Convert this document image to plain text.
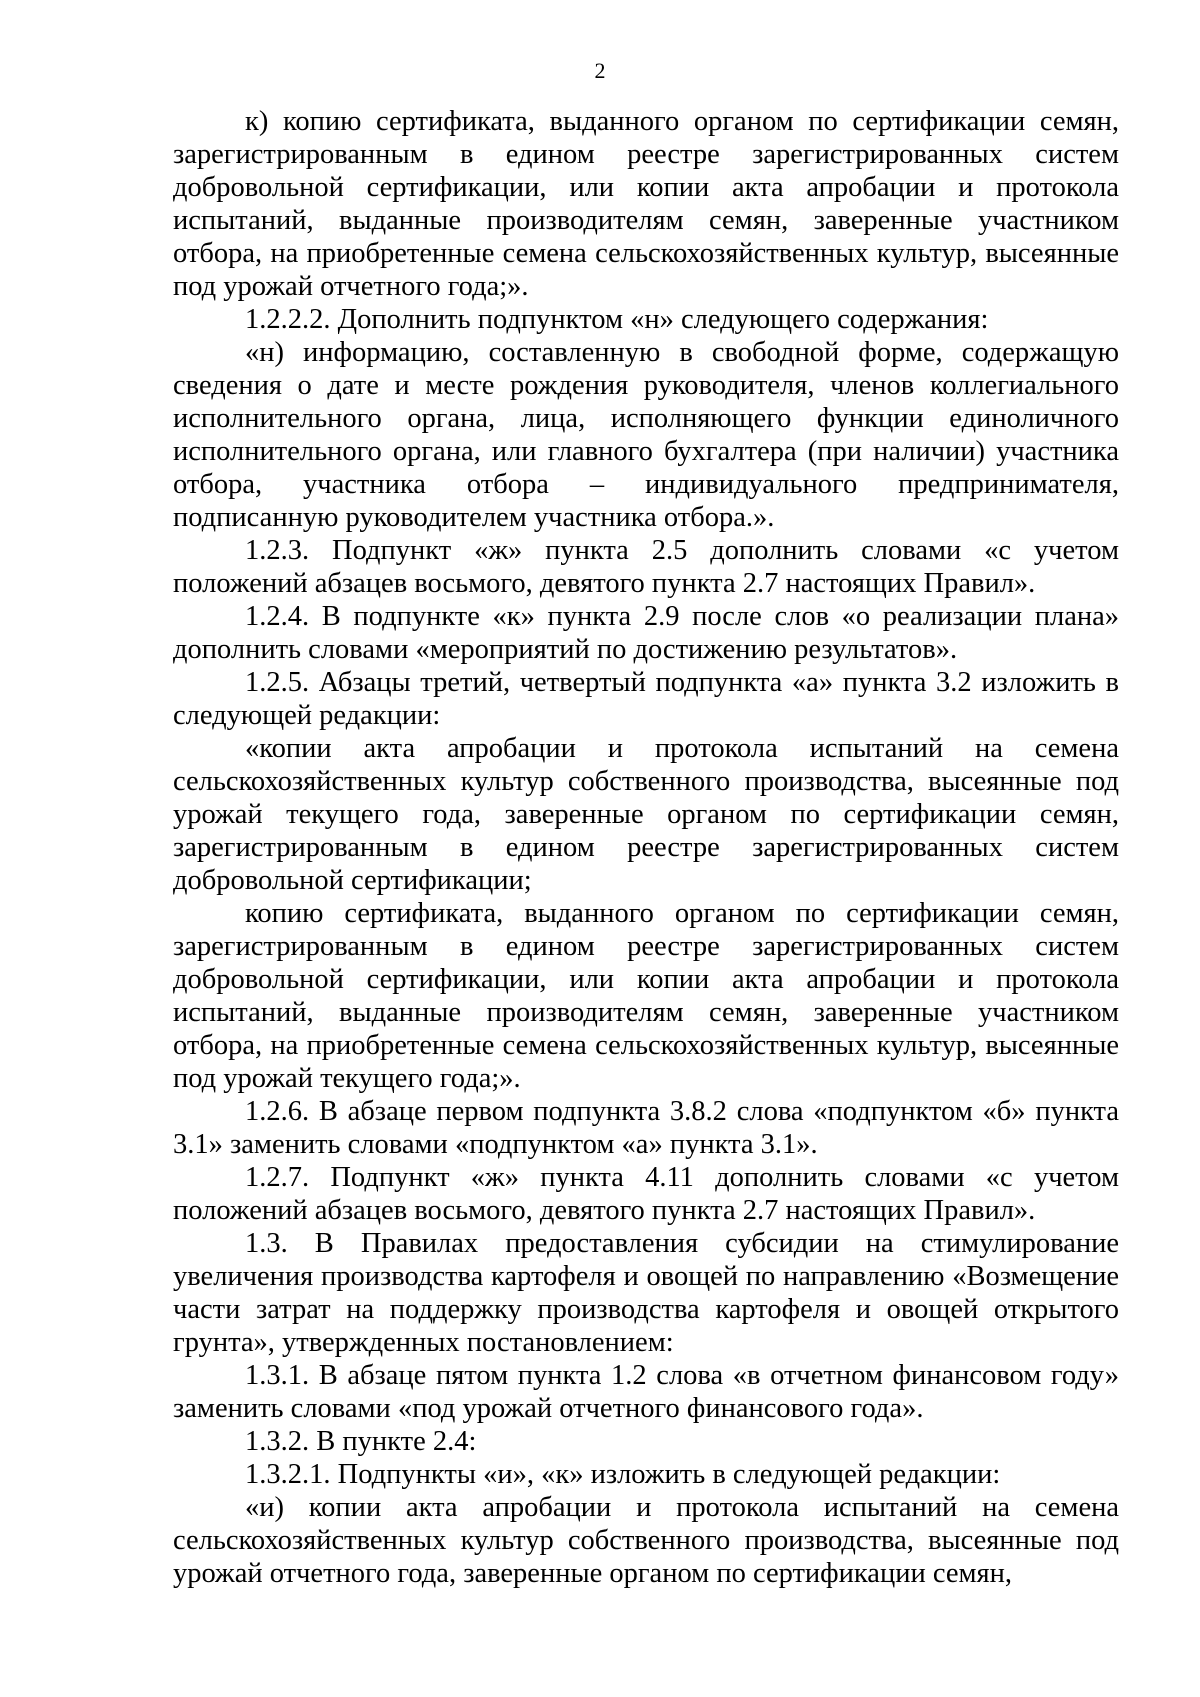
2

к) копию сертификата, выданного органом по сертификации семян, зарегистрированным в едином реестре зарегистрированных систем добровольной сертификации, или копии акта апробации и протокола испытаний, выданные производителям семян, заверенные участником отбора, на приобретенные семена сельскохозяйственных культур, высеянные под урожай отчетного года;».

1.2.2.2. Дополнить подпунктом «н» следующего содержания:

«н) информацию, составленную в свободной форме, содержащую сведения о дате и месте рождения руководителя, членов коллегиального исполнительного органа, лица, исполняющего функции единоличного исполнительного органа, или главного бухгалтера (при наличии) участника отбора, участника отбора – индивидуального предпринимателя, подписанную руководителем участника отбора.».

1.2.3. Подпункт «ж» пункта 2.5 дополнить словами «с учетом положений абзацев восьмого, девятого пункта 2.7 настоящих Правил».

1.2.4. В подпункте «к» пункта 2.9 после слов «о реализации плана» дополнить словами «мероприятий по достижению результатов».

1.2.5. Абзацы третий, четвертый подпункта «а» пункта 3.2 изложить в следующей редакции:

«копии акта апробации и протокола испытаний на семена сельскохозяйственных культур собственного производства, высеянные под урожай текущего года, заверенные органом по сертификации семян, зарегистрированным в едином реестре зарегистрированных систем добровольной сертификации;

копию сертификата, выданного органом по сертификации семян, зарегистрированным в едином реестре зарегистрированных систем добровольной сертификации, или копии акта апробации и протокола испытаний, выданные производителям семян, заверенные участником отбора, на приобретенные семена сельскохозяйственных культур, высеянные под урожай текущего года;».

1.2.6. В абзаце первом подпункта 3.8.2 слова «подпунктом «б» пункта 3.1» заменить словами «подпунктом «а» пункта 3.1».

1.2.7. Подпункт «ж» пункта 4.11 дополнить словами «с учетом положений абзацев восьмого, девятого пункта 2.7 настоящих Правил».

1.3. В Правилах предоставления субсидии на стимулирование увеличения производства картофеля и овощей по направлению «Возмещение части затрат на поддержку производства картофеля и овощей открытого грунта», утвержденных постановлением:

1.3.1. В абзаце пятом пункта 1.2 слова «в отчетном финансовом году» заменить словами «под урожай отчетного финансового года».

1.3.2. В пункте 2.4:

1.3.2.1. Подпункты «и», «к» изложить в следующей редакции:

«и) копии акта апробации и протокола испытаний на семена сельскохозяйственных культур собственного производства, высеянные под урожай отчетного года, заверенные органом по сертификации семян,
